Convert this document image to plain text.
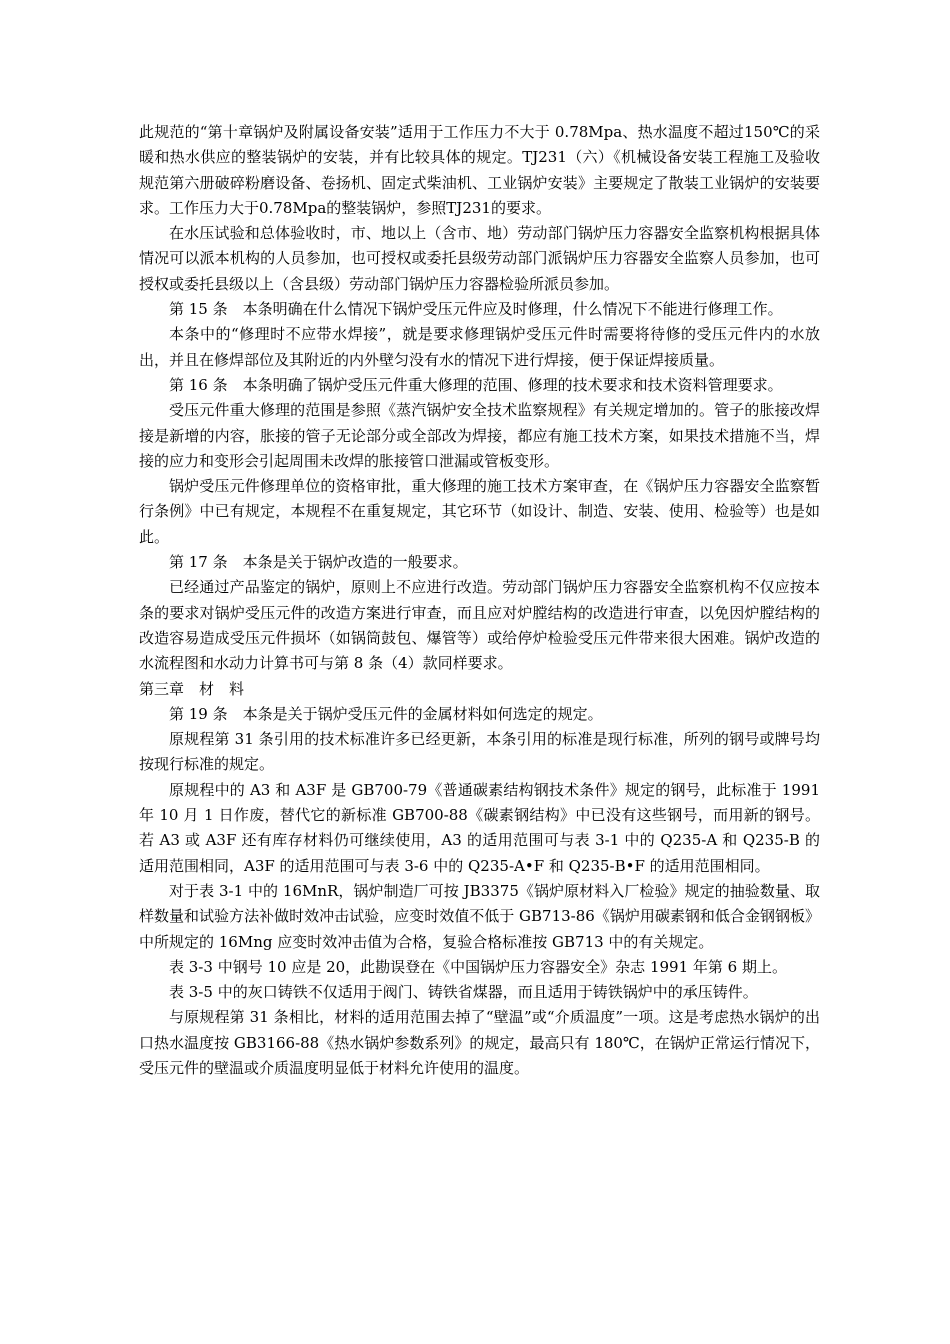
此规范的“第十章锅炉及附属设备安装”适用于工作压力不大于 0.78Mpa、热水温度不超过150℃的采暖和热水供应的整装锅炉的安装，并有比较具体的规定。TJ231（六）《机械设备安装工程施工及验收规范第六册破碎粉磨设备、卷扬机、固定式柴油机、工业锅炉安装》主要规定了散装工业锅炉的安装要求。工作压力大于0.78Mpa的整装锅炉，参照TJ231的要求。

在水压试验和总体验收时，市、地以上（含市、地）劳动部门锅炉压力容器安全监察机构根据具体情况可以派本机构的人员参加，也可授权或委托县级劳动部门派锅炉压力容器安全监察人员参加，也可授权或委托县级以上（含县级）劳动部门锅炉压力容器检验所派员参加。

第 15 条　本条明确在什么情况下锅炉受压元件应及时修理，什么情况下不能进行修理工作。

本条中的“修理时不应带水焊接”，就是要求修理锅炉受压元件时需要将待修的受压元件内的水放出，并且在修焊部位及其附近的内外壁匀没有水的情况下进行焊接，便于保证焊接质量。

第 16 条　本条明确了锅炉受压元件重大修理的范围、修理的技术要求和技术资料管理要求。

受压元件重大修理的范围是参照《蒸汽锅炉安全技术监察规程》有关规定增加的。管子的胀接改焊接是新增的内容，胀接的管子无论部分或全部改为焊接，都应有施工技术方案，如果技术措施不当，焊接的应力和变形会引起周围未改焊的胀接管口泄漏或管板变形。

锅炉受压元件修理单位的资格审批，重大修理的施工技术方案审查，在《锅炉压力容器安全监察暂行条例》中已有规定，本规程不在重复规定，其它环节（如设计、制造、安装、使用、检验等）也是如此。

第 17 条　本条是关于锅炉改造的一般要求。

已经通过产品鉴定的锅炉，原则上不应进行改造。劳动部门锅炉压力容器安全监察机构不仅应按本条的要求对锅炉受压元件的改造方案进行审查，而且应对炉膛结构的改造进行审查，以免因炉膛结构的改造容易造成受压元件损坏（如锅筒鼓包、爆管等）或给停炉检验受压元件带来很大困难。锅炉改造的水流程图和水动力计算书可与第 8 条（4）款同样要求。

第三章　材　料

第 19 条　本条是关于锅炉受压元件的金属材料如何选定的规定。

原规程第 31 条引用的技术标准许多已经更新，本条引用的标准是现行标准，所列的钢号或牌号均按现行标准的规定。

原规程中的 A3 和 A3F 是 GB700-79《普通碳素结构钢技术条件》规定的钢号，此标准于 1991 年 10 月 1 日作废，替代它的新标准 GB700-88《碳素钢结构》中已没有这些钢号，而用新的钢号。若 A3 或 A3F 还有库存材料仍可继续使用，A3 的适用范围可与表 3-1 中的 Q235-A 和 Q235-B 的适用范围相同，A3F 的适用范围可与表 3-6 中的 Q235-A•F 和 Q235-B•F 的适用范围相同。

对于表 3-1 中的 16MnR，锅炉制造厂可按 JB3375《锅炉原材料入厂检验》规定的抽验数量、取样数量和试验方法补做时效冲击试验，应变时效值不低于 GB713-86《锅炉用碳素钢和低合金钢钢板》中所规定的 16Mng 应变时效冲击值为合格，复验合格标准按 GB713 中的有关规定。

表 3-3 中钢号 10 应是 20，此勘误登在《中国锅炉压力容器安全》杂志 1991 年第 6 期上。

表 3-5 中的灰口铸铁不仅适用于阀门、铸铁省煤器，而且适用于铸铁锅炉中的承压铸件。

与原规程第 31 条相比，材料的适用范围去掉了“壁温”或“介质温度”一项。这是考虑热水锅炉的出口热水温度按 GB3166-88《热水锅炉参数系列》的规定，最高只有 180℃，在锅炉正常运行情况下，受压元件的壁温或介质温度明显低于材料允许使用的温度。
